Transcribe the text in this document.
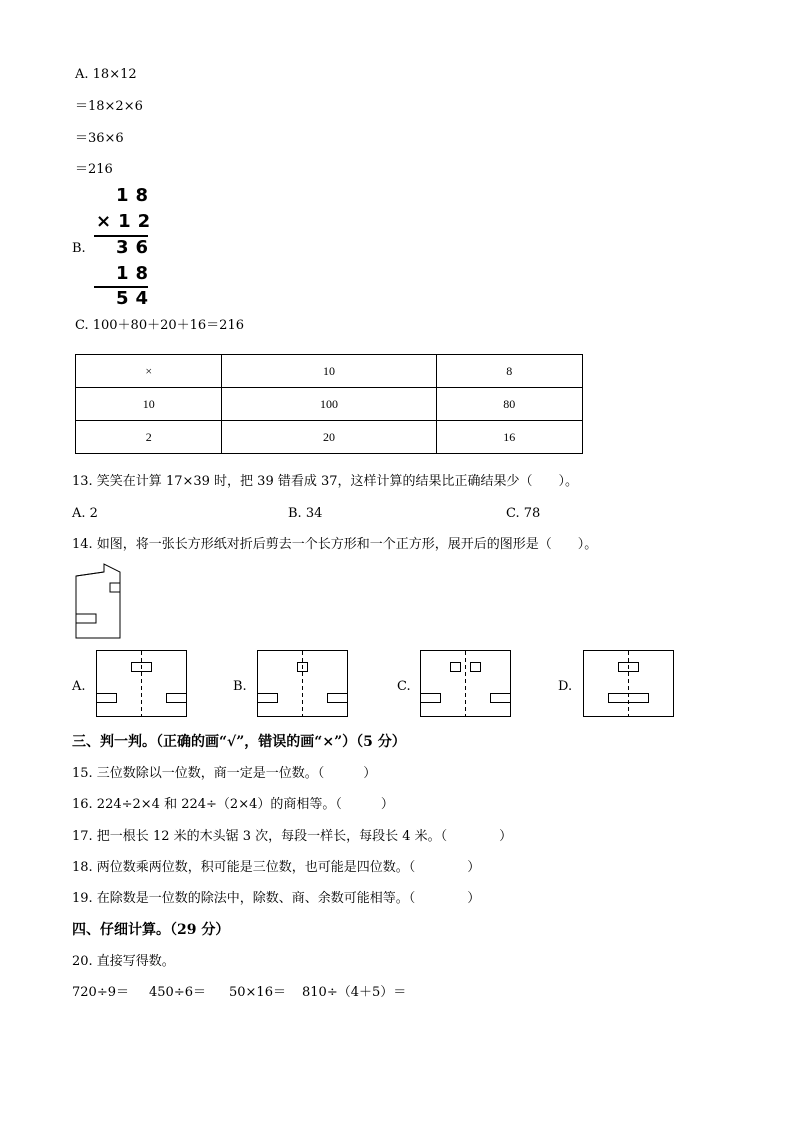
A. 18×12
＝18×2×6
＝36×6
＝216
B.
18
×12
36
18
54
C. 100＋80＋20＋16＝216
×	10	8
10	100	80
2	20	16
13. 笑笑在计算 17×39 时，把 39 错看成 37，这样计算的结果比正确结果少（　　）。
A. 2	B. 34	C. 78
14. 如图，将一张长方形纸对折后剪去一个长方形和一个正方形，展开后的图形是（　　）。
A.	B.	C.	D.
三、判一判。（正确的画“√”，错误的画“×”）（5 分）
15. 三位数除以一位数，商一定是一位数。（　　　）
16. 224÷2×4 和 224÷（2×4）的商相等。（　　　）
17. 把一根长 12 米的木头锯 3 次，每段一样长，每段长 4 米。（　　　　）
18. 两位数乘两位数，积可能是三位数，也可能是四位数。（　　　　）
19. 在除数是一位数的除法中，除数、商、余数可能相等。（　　　　）
四、仔细计算。（29 分）
20. 直接写得数。
720÷9＝ 450÷6＝ 50×16＝ 810÷（4＋5）＝
